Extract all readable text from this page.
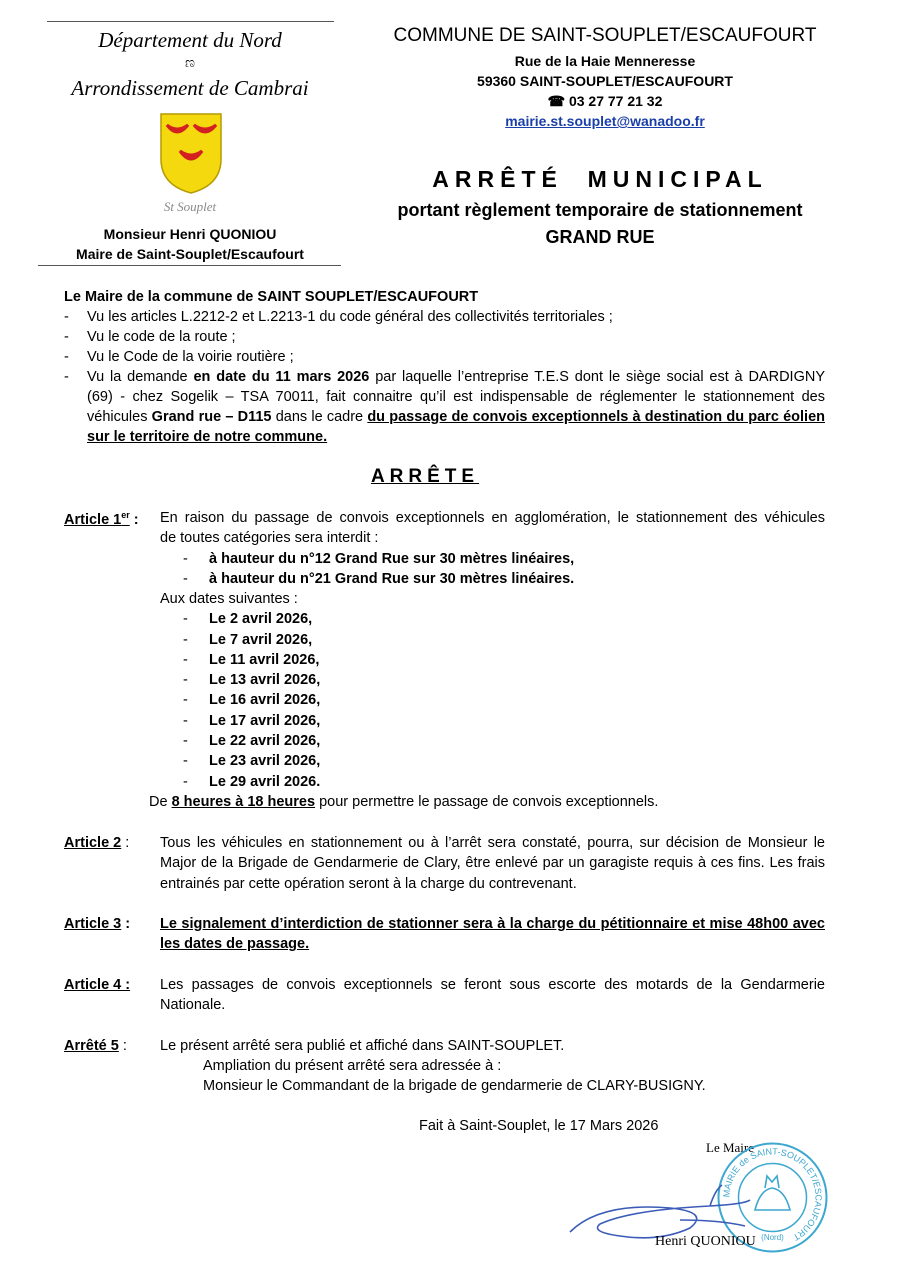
Département du Nord
ಣ
Arrondissement de Cambrai
St Souplet
Monsieur Henri QUONIOU
Maire de Saint-Souplet/Escaufourt
COMMUNE DE SAINT-SOUPLET/ESCAUFOURT
Rue de la Haie Menneresse
59360 SAINT-SOUPLET/ESCAUFOURT
☎ 03 27 77 21 32
mairie.st.souplet@wanadoo.fr
ARRÊTÉ  MUNICIPAL
portant règlement temporaire de stationnement
GRAND RUE
Le Maire de la commune de SAINT SOUPLET/ESCAUFOURT
- Vu les articles L.2212-2 et L.2213-1 du code général des collectivités territoriales ;
- Vu le code de la route ;
- Vu le Code de la voirie routière ;
- Vu la demande en date du 11 mars 2026 par laquelle l’entreprise T.E.S dont le siège social est à DARDIGNY
(69) - chez Sogelik – TSA 70011, fait connaitre qu’il est indispensable de réglementer le stationnement des
véhicules Grand rue – D115 dans le cadre du passage de convois exceptionnels à destination du parc éolien
sur le territoire de notre commune.
ARRÊTE
Article 1er : En raison du passage de convois exceptionnels en agglomération, le stationnement des véhicules
de toutes catégories sera interdit :
- à hauteur du n°12 Grand Rue sur 30 mètres linéaires,
- à hauteur du n°21 Grand Rue sur 30 mètres linéaires.
Aux dates suivantes :
- Le 2 avril 2026,
- Le 7 avril 2026,
- Le 11 avril 2026,
- Le 13 avril 2026,
- Le 16 avril 2026,
- Le 17 avril 2026,
- Le 22 avril 2026,
- Le 23 avril 2026,
- Le 29 avril 2026.
De 8 heures à 18 heures pour permettre le passage de convois exceptionnels.
Article 2 : Tous les véhicules en stationnement ou à l’arrêt sera constaté, pourra, sur décision de Monsieur le
Major de la Brigade de Gendarmerie de Clary, être enlevé par un garagiste requis à ces fins. Les frais
entrainés par cette opération seront à la charge du contrevenant.
Article 3 : Le signalement d’interdiction de stationner sera à la charge du pétitionnaire et mise 48h00 avec
les dates de passage.
Article 4 : Les passages de convois exceptionnels se feront sous escorte des motards de la Gendarmerie
Nationale.
Arrêté 5 : Le présent arrêté sera publié et affiché dans SAINT-SOUPLET.
Ampliation du présent arrêté sera adressée à :
Monsieur le Commandant de la brigade de gendarmerie de CLARY-BUSIGNY.
Fait à Saint-Souplet, le 17 Mars 2026
Le Maire
MAIRIE de SAINT-SOUPLET/ESCAUFOURT
(Nord)
Henri QUONIOU
